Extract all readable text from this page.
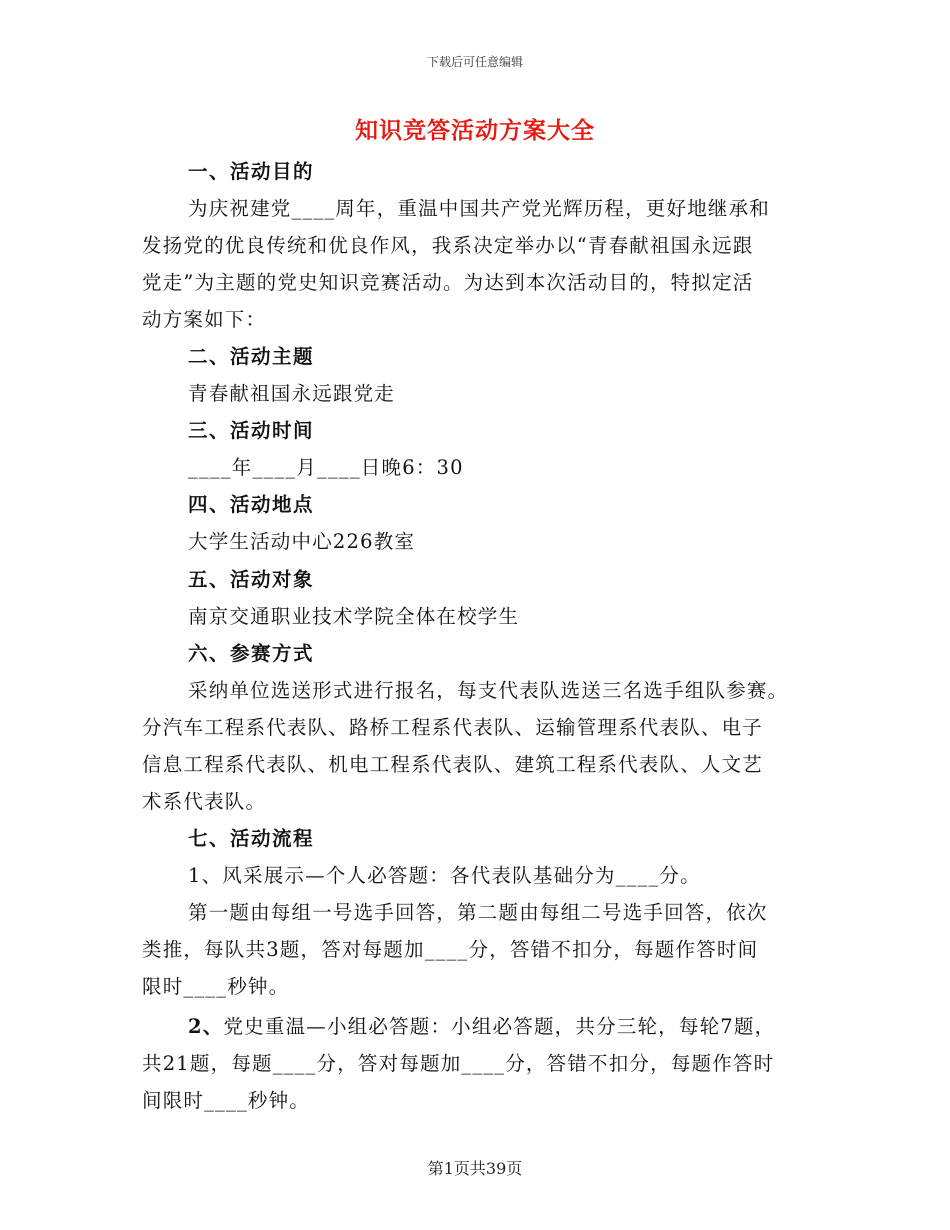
下载后可任意编辑
知识竞答活动方案大全
一、活动目的
为庆祝建党____周年，重温中国共产党光辉历程，更好地继承和
发扬党的优良传统和优良作风，我系决定举办以“青春献祖国永远跟
党走”为主题的党史知识竞赛活动。为达到本次活动目的，特拟定活
动方案如下：
二、活动主题
青春献祖国永远跟党走
三、活动时间
____年____月____日晚6：30
四、活动地点
大学生活动中心226教室
五、活动对象
南京交通职业技术学院全体在校学生
六、参赛方式
采纳单位选送形式进行报名，每支代表队选送三名选手组队参赛。
分汽车工程系代表队、路桥工程系代表队、运输管理系代表队、电子
信息工程系代表队、机电工程系代表队、建筑工程系代表队、人文艺
术系代表队。
七、活动流程
1、风采展示—个人必答题：各代表队基础分为____分。
第一题由每组一号选手回答，第二题由每组二号选手回答，依次
类推，每队共3题，答对每题加____分，答错不扣分，每题作答时间
限时____秒钟。
2、党史重温—小组必答题：小组必答题，共分三轮，每轮7题，
共21题，每题____分，答对每题加____分，答错不扣分，每题作答时
间限时____秒钟。
第1页共39页
